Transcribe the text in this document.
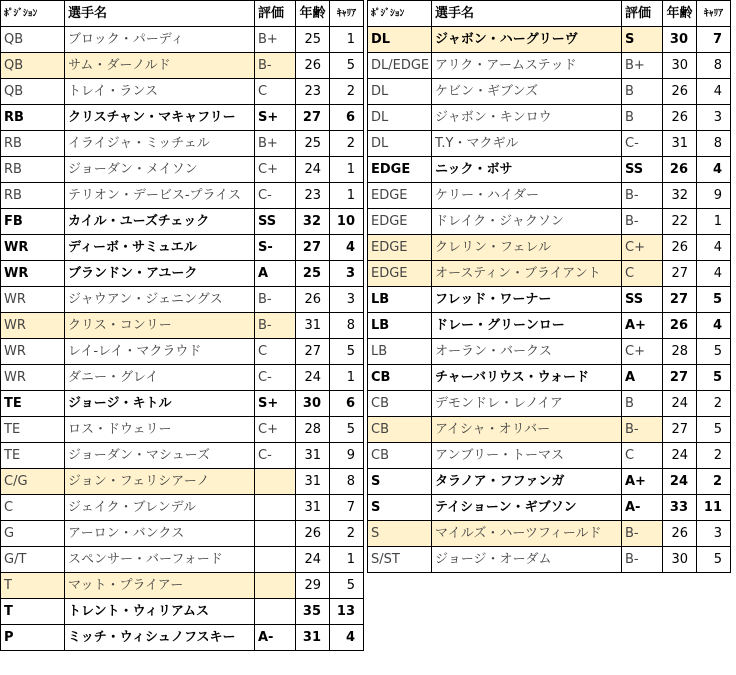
ﾎﾟｼﾞｼｮﾝ	選手名	評価	年齢	ｷｬﾘｱ
QB	ブロック・パーディ	B+	25	1
QB	サム・ダーノルド	B-	26	5
QB	トレイ・ランス	C	23	2
RB	クリスチャン・マキャフリー	S+	27	6
RB	イライジャ・ミッチェル	B+	25	2
RB	ジョーダン・メイソン	C+	24	1
RB	テリオン・デービス-プライス	C-	23	1
FB	カイル・ユーズチェック	SS	32	10
WR	ディーボ・サミュエル	S-	27	4
WR	ブランドン・アユーク	A	25	3
WR	ジャウアン・ジェニングス	B-	26	3
WR	クリス・コンリー	B-	31	8
WR	レイ-レイ・マクラウド	C	27	5
WR	ダニー・グレイ	C-	24	1
TE	ジョージ・キトル	S+	30	6
TE	ロス・ドウェリー	C+	28	5
TE	ジョーダン・マシューズ	C-	31	9
C/G	ジョン・フェリシアーノ		31	8
C	ジェイク・ブレンデル		31	7
G	アーロン・バンクス		26	2
G/T	スペンサー・バーフォード		24	1
T	マット・プライアー		29	5
T	トレント・ウィリアムス		35	13
P	ミッチ・ウィシュノフスキー	A-	31	4
ﾎﾟｼﾞｼｮﾝ	選手名	評価	年齢	ｷｬﾘｱ
DL	ジャボン・ハーグリーヴ	S	30	7
DL/EDGE	アリク・アームステッド	B+	30	8
DL	ケビン・ギブンズ	B	26	4
DL	ジャボン・キンロウ	B	26	3
DL	T.Y・マクギル	C-	31	8
EDGE	ニック・ボサ	SS	26	4
EDGE	ケリー・ハイダー	B-	32	9
EDGE	ドレイク・ジャクソン	B-	22	1
EDGE	クレリン・フェレル	C+	26	4
EDGE	オースティン・ブライアント	C	27	4
LB	フレッド・ワーナー	SS	27	5
LB	ドレー・グリーンロー	A+	26	4
LB	オーラン・バークス	C+	28	5
CB	チャーバリウス・ウォード	A	27	5
CB	デモンドレ・レノイア	B	24	2
CB	アイシャ・オリバー	B-	27	5
CB	アンブリー・トーマス	C	24	2
S	タラノア・フファンガ	A+	24	2
S	テイショーン・ギブソン	A-	33	11
S	マイルズ・ハーツフィールド	B-	26	3
S/ST	ジョージ・オーダム	B-	30	5
